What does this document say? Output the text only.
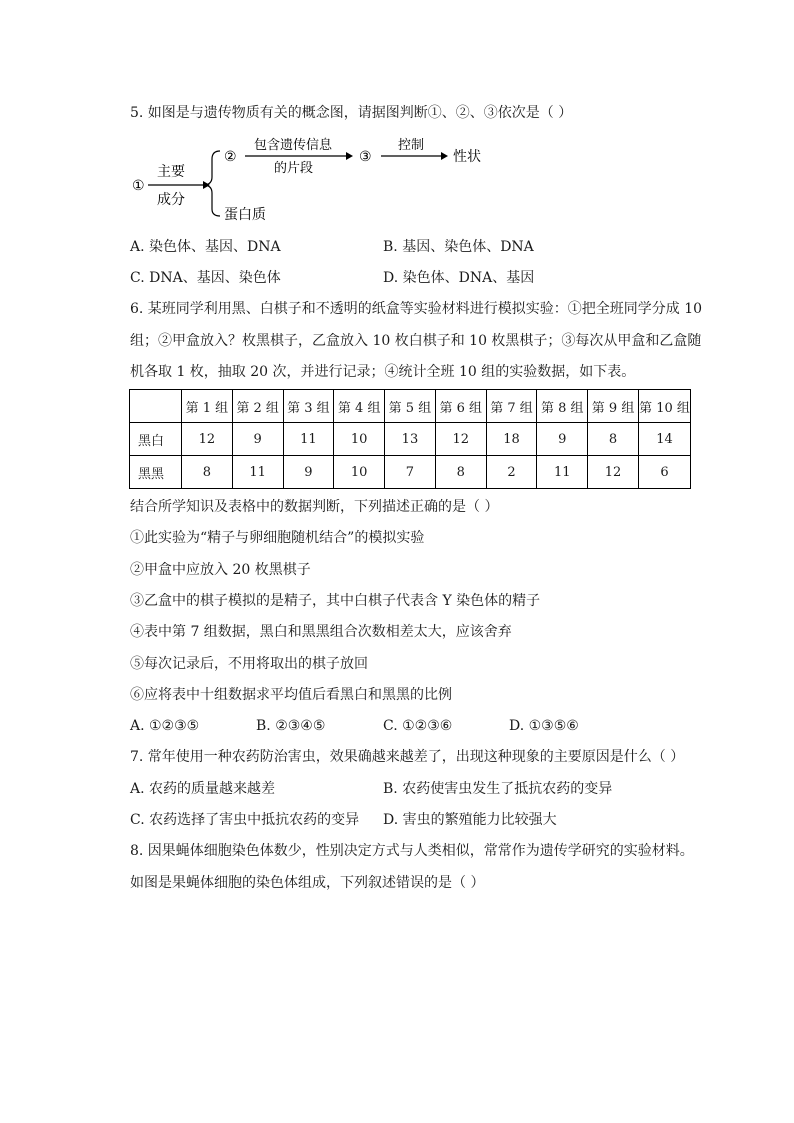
5. 如图是与遗传物质有关的概念图，请据图判断①、②、③依次是（ ）
①
主要
成分
②
包含遗传信息
的片段
③
控制
性状
蛋白质
A. 染色体、基因、DNA	B. 基因、染色体、DNA
C. DNA、基因、染色体	D. 染色体、DNA、基因
6. 某班同学利用黑、白棋子和不透明的纸盒等实验材料进行模拟实验：①把全班同学分成 10
组；②甲盒放入？枚黑棋子，乙盒放入 10 枚白棋子和 10 枚黑棋子；③每次从甲盒和乙盒随
机各取 1 枚，抽取 20 次，并进行记录；④统计全班 10 组的实验数据，如下表。
	第 1 组	第 2 组	第 3 组	第 4 组	第 5 组	第 6 组	第 7 组	第 8 组	第 9 组	第 10 组
黑白	12	9	11	10	13	12	18	9	8	14
黑黑	8	11	9	10	7	8	2	11	12	6
结合所学知识及表格中的数据判断，下列描述正确的是（ ）
①此实验为“精子与卵细胞随机结合”的模拟实验
②甲盒中应放入 20 枚黑棋子
③乙盒中的棋子模拟的是精子，其中白棋子代表含 Y 染色体的精子
④表中第 7 组数据，黑白和黑黑组合次数相差太大，应该舍弃
⑤每次记录后，不用将取出的棋子放回
⑥应将表中十组数据求平均值后看黑白和黑黑的比例
A. ①②③⑤	B. ②③④⑤	C. ①②③⑥	D. ①③⑤⑥
7. 常年使用一种农药防治害虫，效果确越来越差了，出现这种现象的主要原因是什么（ ）
A. 农药的质量越来越差	B. 农药使害虫发生了抵抗农药的变异
C. 农药选择了害虫中抵抗农药的变异 D. 害虫的繁殖能力比较强大
8. 因果蝇体细胞染色体数少，性别决定方式与人类相似，常常作为遗传学研究的实验材料。
如图是果蝇体细胞的染色体组成，下列叙述错误的是（ ）
